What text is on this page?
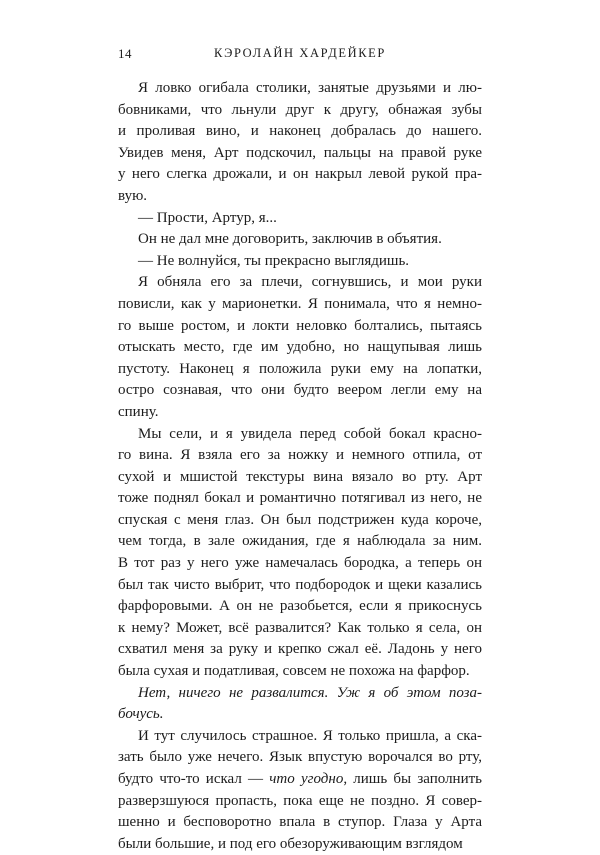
14	КЭРОЛАЙН ХАРДЕЙКЕР

Я ловко огибала столики, занятые друзьями и лю-

бовниками, что льнули друг к другу, обнажая зубы

и проливая вино, и наконец добралась до нашего.

Увидев меня, Арт подскочил, пальцы на правой руке

у него слегка дрожали, и он накрыл левой рукой пра-

вую.

— Прости, Артур, я...

Он не дал мне договорить, заключив в объятия.

— Не волнуйся, ты прекрасно выглядишь.

Я обняла его за плечи, согнувшись, и мои руки

повисли, как у марионетки. Я понимала, что я немно-

го выше ростом, и локти неловко болтались, пытаясь

отыскать место, где им удобно, но нащупывая лишь

пустоту. Наконец я положила руки ему на лопатки,

остро сознавая, что они будто веером легли ему на

спину.

Мы сели, и я увидела перед собой бокал красно-

го вина. Я взяла его за ножку и немного отпила, от

сухой и мшистой текстуры вина вязало во рту. Арт

тоже поднял бокал и романтично потягивал из него, не

спуская с меня глаз. Он был подстрижен куда короче,

чем тогда, в зале ожидания, где я наблюдала за ним.

В тот раз у него уже намечалась бородка, а теперь он

был так чисто выбрит, что подбородок и щеки казались

фарфоровыми. А он не разобьется, если я прикоснусь

к нему? Может, всё развалится? Как только я села, он

схватил меня за руку и крепко сжал её. Ладонь у него

была сухая и податливая, совсем не похожа на фарфор.

Нет, ничего не развалится. Уж я об этом поза-

бочусь.

И тут случилось страшное. Я только пришла, а ска-

зать было уже нечего. Язык впустую ворочался во рту,

будто что-то искал — что угодно, лишь бы заполнить

разверзшуюся пропасть, пока еще не поздно. Я совер-

шенно и бесповоротно впала в ступор. Глаза у Арта

были большие, и под его обезоруживающим взглядом
